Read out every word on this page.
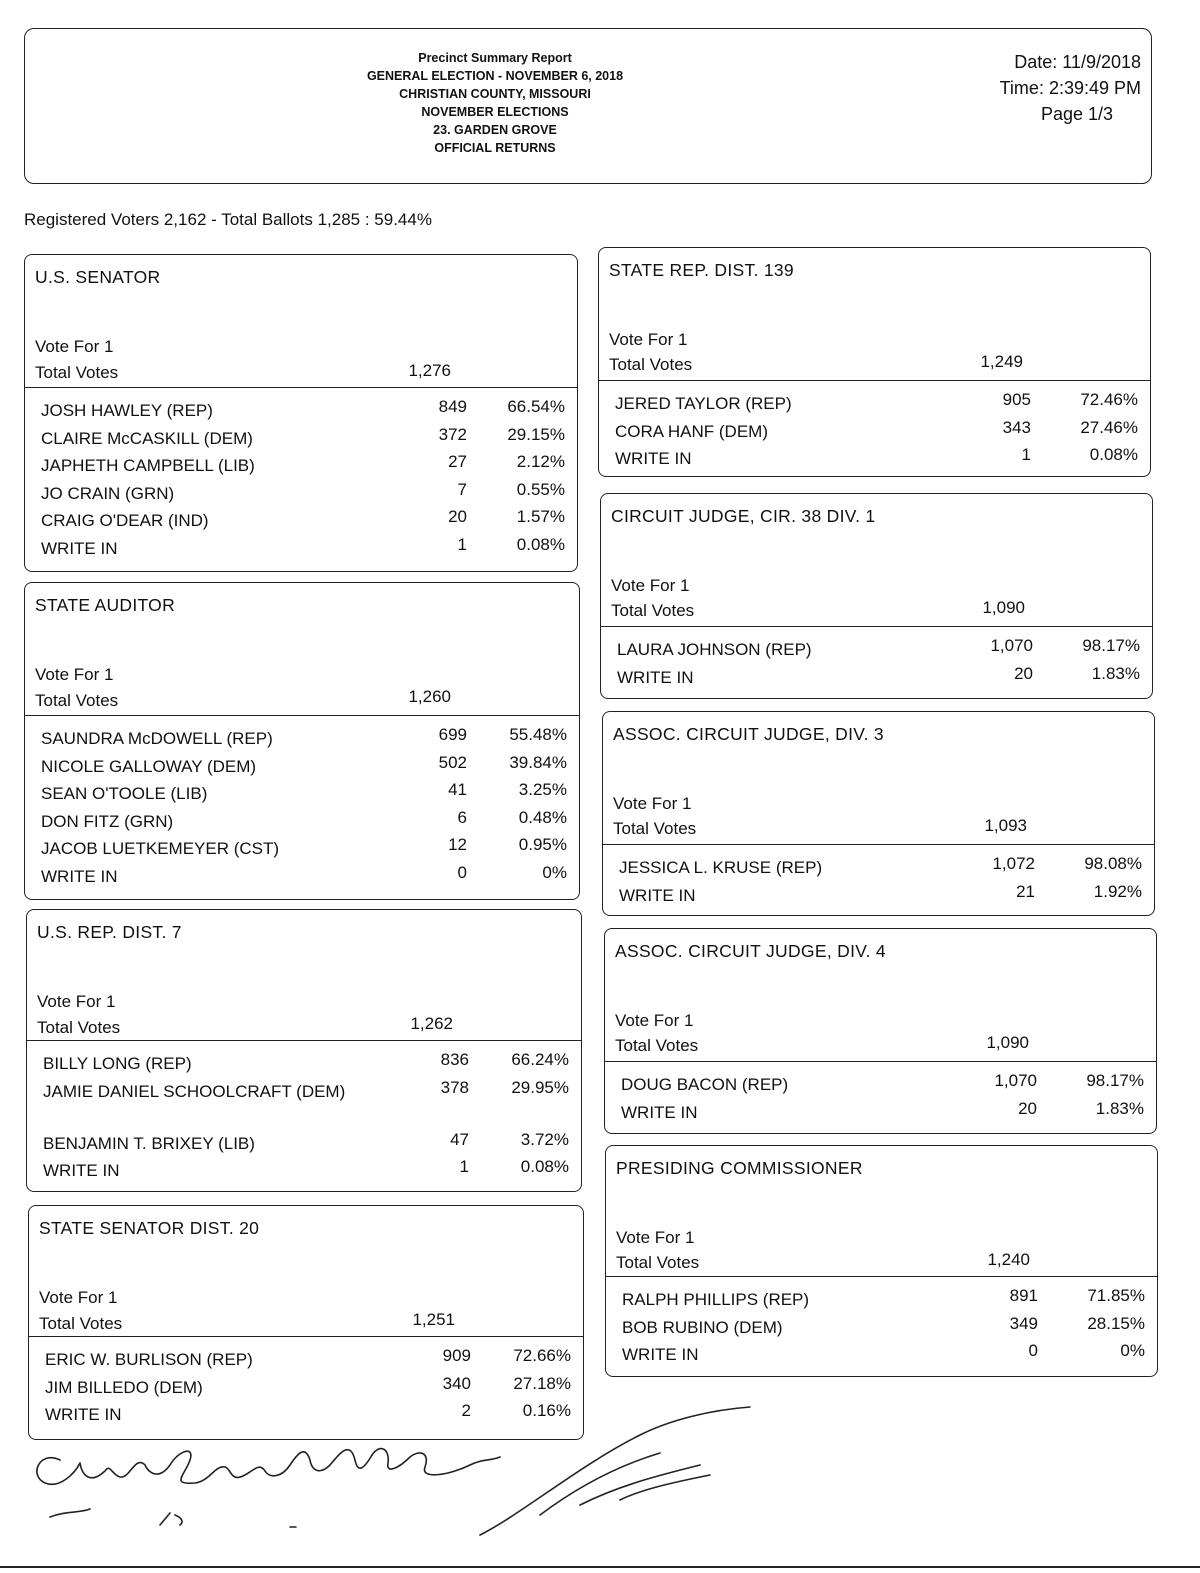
Precinct Summary Report
GENERAL ELECTION - NOVEMBER 6, 2018
CHRISTIAN COUNTY, MISSOURI
NOVEMBER ELECTIONS
23. GARDEN GROVE
OFFICIAL RETURNS
Date: 11/9/2018
Time: 2:39:49 PM
Page 1/3
Registered Voters 2,162 - Total Ballots 1,285 : 59.44%
U.S. SENATOR
Vote For 1
Total Votes	1,276
JOSH HAWLEY (REP)	849	66.54%
CLAIRE McCASKILL (DEM)	372	29.15%
JAPHETH CAMPBELL (LIB)	27	2.12%
JO CRAIN (GRN)	7	0.55%
CRAIG O'DEAR (IND)	20	1.57%
WRITE IN	1	0.08%
STATE AUDITOR
Vote For 1
Total Votes	1,260
SAUNDRA McDOWELL (REP)	699	55.48%
NICOLE GALLOWAY (DEM)	502	39.84%
SEAN O'TOOLE (LIB)	41	3.25%
DON FITZ (GRN)	6	0.48%
JACOB LUETKEMEYER (CST)	12	0.95%
WRITE IN	0	0%
U.S. REP. DIST. 7
Vote For 1
Total Votes	1,262
BILLY LONG (REP)	836	66.24%
JAMIE DANIEL SCHOOLCRAFT (DEM)	378	29.95%
BENJAMIN T. BRIXEY (LIB)	47	3.72%
WRITE IN	1	0.08%
STATE SENATOR DIST. 20
Vote For 1
Total Votes	1,251
ERIC W. BURLISON (REP)	909	72.66%
JIM BILLEDO (DEM)	340	27.18%
WRITE IN	2	0.16%
STATE REP. DIST. 139
Vote For 1
Total Votes	1,249
JERED TAYLOR (REP)	905	72.46%
CORA HANF (DEM)	343	27.46%
WRITE IN	1	0.08%
CIRCUIT JUDGE, CIR. 38 DIV. 1
Vote For 1
Total Votes	1,090
LAURA JOHNSON (REP)	1,070	98.17%
WRITE IN	20	1.83%
ASSOC. CIRCUIT JUDGE, DIV. 3
Vote For 1
Total Votes	1,093
JESSICA L. KRUSE (REP)	1,072	98.08%
WRITE IN	21	1.92%
ASSOC. CIRCUIT JUDGE, DIV. 4
Vote For 1
Total Votes	1,090
DOUG BACON (REP)	1,070	98.17%
WRITE IN	20	1.83%
PRESIDING COMMISSIONER
Vote For 1
Total Votes	1,240
RALPH PHILLIPS (REP)	891	71.85%
BOB RUBINO (DEM)	349	28.15%
WRITE IN	0	0%
